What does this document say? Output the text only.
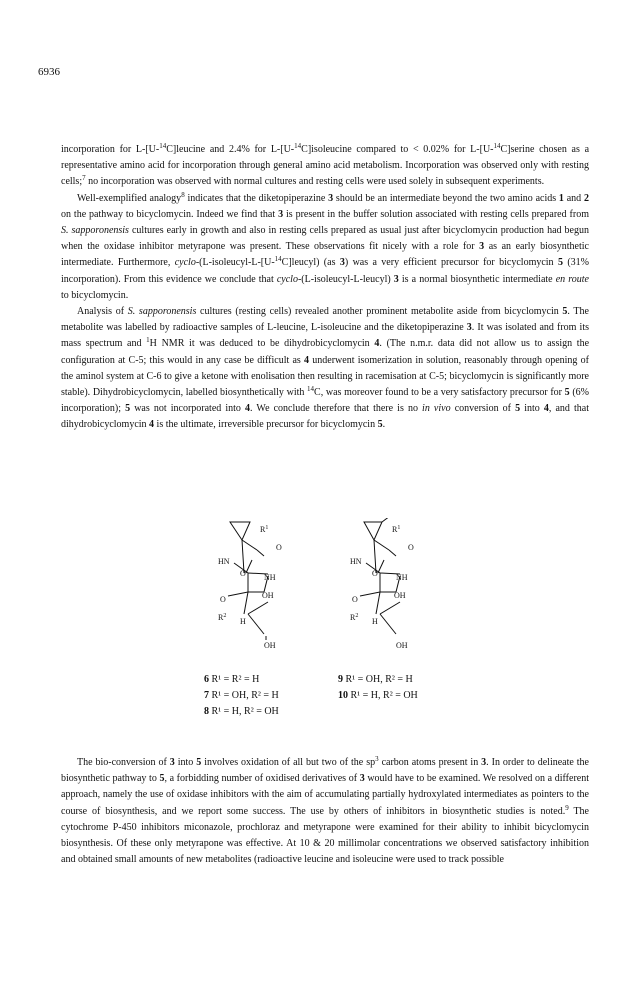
6936

incorporation for L-[U-$^{14}$C]leucine and 2.4% for L-[U-$^{14}$C]isoleucine compared to < 0.02% for L-[U-$^{14}$C]serine chosen as a representative amino acid for incorporation through general amino acid metabolism. Incorporation was observed only with resting cells;$^7$ no incorporation was observed with normal cultures and resting cells were used solely in subsequent experiments.

Well-exemplified analogy$^8$ indicates that the diketopiperazine 3 should be an intermediate beyond the two amino acids 1 and 2 on the pathway to bicyclomycin. Indeed we find that 3 is present in the buffer solution associated with resting cells prepared from S. sapporonensis cultures early in growth and also in resting cells prepared as usual just after bicyclomycin production had begun when the oxidase inhibitor metyrapone was present. These observations fit nicely with a role for 3 as an early biosynthetic intermediate. Furthermore, cyclo-(L-isoleucyl-L-[U-$^{14}$C]leucyl) (as 3) was a very efficient precursor for bicyclomycin 5 (31% incorporation). From this evidence we conclude that cyclo-(L-isoleucyl-L-leucyl) 3 is a normal biosynthetic intermediate en route to bicyclomycin.

Analysis of S. sapporonensis cultures (resting cells) revealed another prominent metabolite aside from bicyclomycin 5. The metabolite was labelled by radioactive samples of L-leucine, L-isoleucine and the diketopiperazine 3. It was isolated and from its mass spectrum and $^1$H NMR it was deduced to be dihydrobicyclomycin 4. (The n.m.r. data did not allow us to assign the configuration at C-5; this would in any case be difficult as 4 underwent isomerization in solution, reasonably through opening of the aminol system at C-6 to give a ketone with enolisation then resulting in racemisation at C-5; bicyclomycin is significantly more stable). Dihydrobicyclomycin, labelled biosynthetically with $^{14}$C, was moreover found to be a very satisfactory precursor for 5 (6% incorporation); 5 was not incorporated into 4. We conclude therefore that there is no in vivo conversion of 5 into 4, and that dihydrobicyclomycin 4 is the ultimate, irreversible precursor for bicyclomycin 5.

$R^1$
O
HN
O NH
O	OH
$R^2$
H
OH
$R^1$
O
HN
O NH
O	OH
$R^2$
H
OH
6 R¹ = R² = H
7 R¹ = OH, R² = H
8 R¹ = H, R² = OH
9 R¹ = OH, R² = H
10 R¹ = H, R² = OH

The bio-conversion of 3 into 5 involves oxidation of all but two of the $sp^3$ carbon atoms present in 3. In order to delineate the biosynthetic pathway to 5, a forbidding number of oxidised derivatives of 3 would have to be examined. We resolved on a different approach, namely the use of oxidase inhibitors with the aim of accumulating partially hydroxylated intermediates as pointers to the course of biosynthesis, and we report some success. The use by others of inhibitors in biosynthetic studies is noted.$^9$ The cytochrome P-450 inhibitors miconazole, prochloraz and metyrapone were examined for their ability to inhibit bicyclomycin biosynthesis. Of these only metyrapone was effective. At 10 & 20 millimolar concentrations we observed satisfactory inhibition and obtained small amounts of new metabolites (radioactive leucine and isoleucine were used to track possible
